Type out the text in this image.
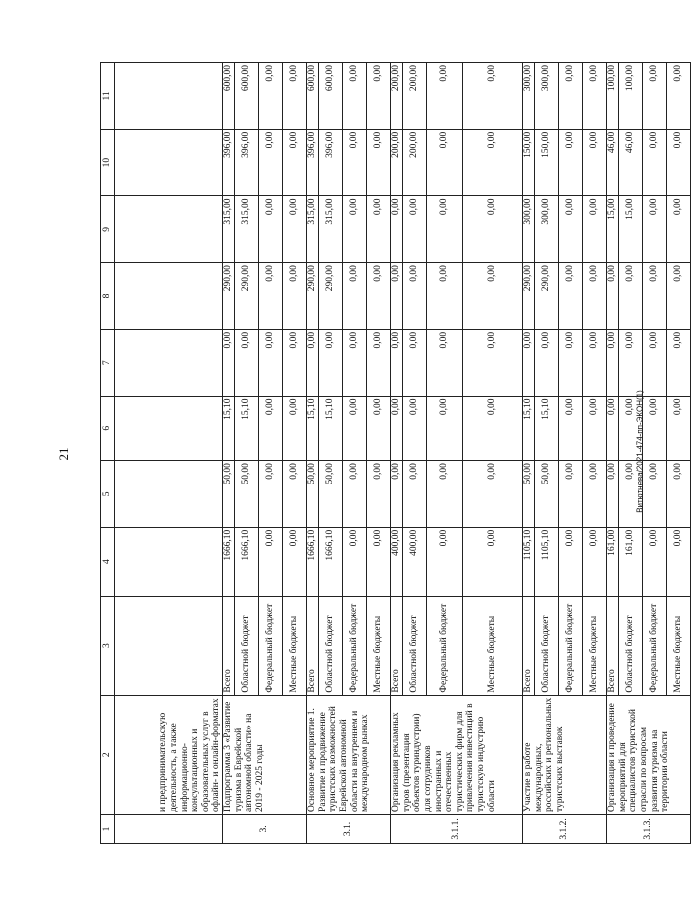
21	Витютнева/2021-474-пп-ЭКОН(1)
1	2	3	4	5	6	7	8	9	10	11
	и предпринимательскую деятельность, а также информационно-консультационных и образовательных услуг в офлайн- и онлайн-форматах									
3.	Подпрограмма 3 «Развитие туризма в Еврейской автономной области» на 2019 - 2025 годы	Всего	1666,10	50,00	15,10	0,00	290,00	315,00	396,00	600,00
		Областной бюджет	1666,10	50,00	15,10	0,00	290,00	315,00	396,00	600,00
		Федеральный бюджет	0,00	0,00	0,00	0,00	0,00	0,00	0,00	0,00
		Местные бюджеты	0,00	0,00	0,00	0,00	0,00	0,00	0,00	0,00
3.1.	Основное мероприятие 1. Развитие и продвижение туристских возможностей Еврейской автономной области на внутреннем и международном рынках	Всего	1666,10	50,00	15,10	0,00	290,00	315,00	396,00	600,00
		Областной бюджет	1666,10	50,00	15,10	0,00	290,00	315,00	396,00	600,00
		Федеральный бюджет	0,00	0,00	0,00	0,00	0,00	0,00	0,00	0,00
		Местные бюджеты	0,00	0,00	0,00	0,00	0,00	0,00	0,00	0,00
3.1.1.	Организация рекламных туров (презентация объектов туриндустрии) для сотрудников иностранных и отечественных туристических фирм для привлечения инвестиций в туристскую индустрию области	Всего	400,00	0,00	0,00	0,00	0,00	0,00	200,00	200,00
		Областной бюджет	400,00	0,00	0,00	0,00	0,00	0,00	200,00	200,00
		Федеральный бюджет	0,00	0,00	0,00	0,00	0,00	0,00	0,00	0,00
		Местные бюджеты	0,00	0,00	0,00	0,00	0,00	0,00	0,00	0,00
3.1.2.	Участие в работе международных, российских и региональных туристских выставок	Всего	1105,10	50,00	15,10	0,00	290,00	300,00	150,00	300,00
		Областной бюджет	1105,10	50,00	15,10	0,00	290,00	300,00	150,00	300,00
		Федеральный бюджет	0,00	0,00	0,00	0,00	0,00	0,00	0,00	0,00
		Местные бюджеты	0,00	0,00	0,00	0,00	0,00	0,00	0,00	0,00
3.1.3.	Организация и проведение мероприятий для специалистов туристской отрасли по вопросам развития туризма на территории области	Всего	161,00	0,00	0,00	0,00	0,00	15,00	46,00	100,00
		Областной бюджет	161,00	0,00	0,00	0,00	0,00	15,00	46,00	100,00
		Федеральный бюджет	0,00	0,00	0,00	0,00	0,00	0,00	0,00	0,00
		Местные бюджеты	0,00	0,00	0,00	0,00	0,00	0,00	0,00	0,00
